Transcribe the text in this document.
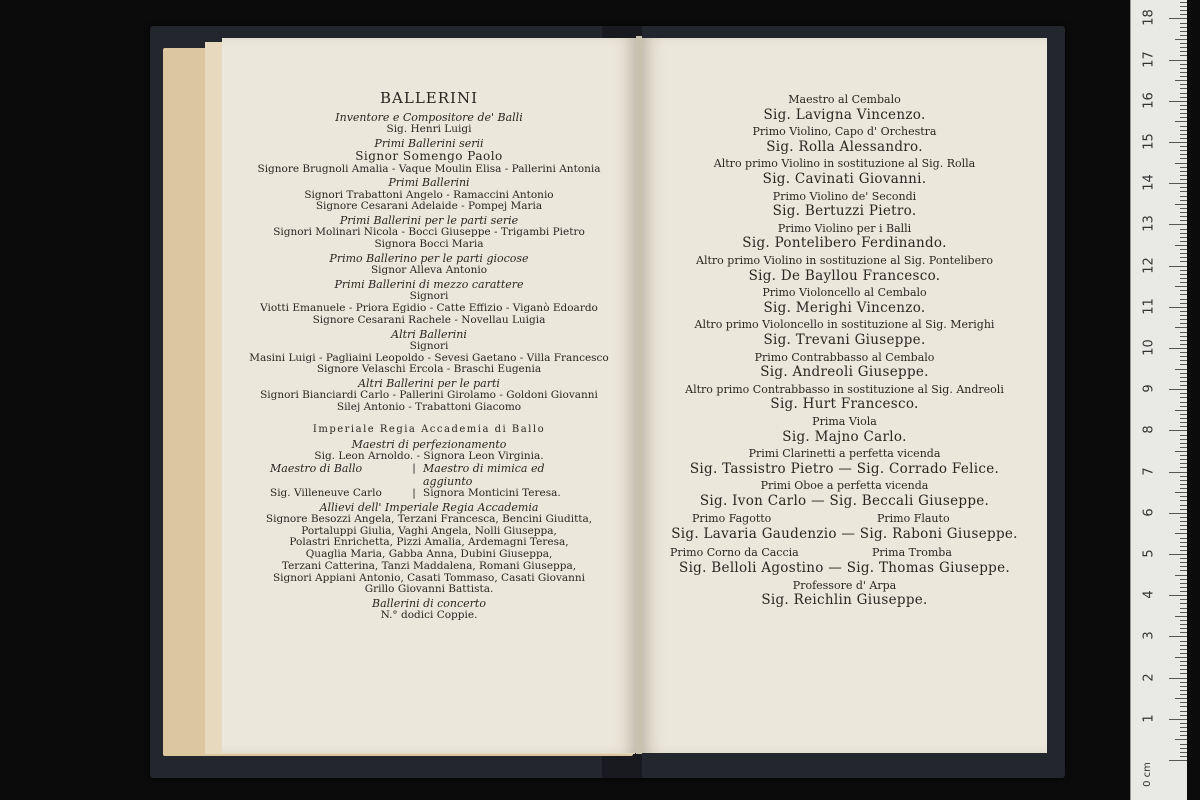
BALLERINI
Inventore e Compositore de' Balli
Sig. Henri Luigi
Primi Ballerini serii
Signor Somengo Paolo
Signore Brugnoli Amalia - Vaque Moulin Elisa - Pallerini Antonia
Primi Ballerini
Signori Trabattoni Angelo - Ramaccini Antonio
Signore Cesarani Adelaide - Pompej Maria
Primi Ballerini per le parti serie
Signori Molinari Nicola - Bocci Giuseppe - Trigambi Pietro
Signora Bocci Maria
Primo Ballerino per le parti giocose
Signor Alleva Antonio
Primi Ballerini di mezzo carattere
Signori
Viotti Emanuele - Priora Egidio - Catte Effizio - Viganò Edoardo
Signore Cesarani Rachele - Novellau Luigia
Altri Ballerini
Signori
Masini Luigi - Pagliaini Leopoldo - Sevesi Gaetano - Villa Francesco
Signore Velaschi Ercola - Braschi Eugenia
Altri Ballerini per le parti
Signori Bianciardi Carlo - Pallerini Girolamo - Goldoni Giovanni
Silej Antonio - Trabattoni Giacomo
Imperiale Regia Accademia di Ballo
Maestri di perfezionamento
Sig. Leon Arnoldo. - Signora Leon Virginia.
Maestro di Ballo	| Maestro di mimica ed aggiunto
Sig. Villeneuve Carlo	| Signora Monticini Teresa.
Allievi dell' Imperiale Regia Accademia
Signore Besozzi Angela, Terzani Francesca, Bencini Giuditta,
Portaluppi Giulia, Vaghi Angela, Nolli Giuseppa,
Polastri Enrichetta, Pizzi Amalia, Ardemagni Teresa,
Quaglia Maria, Gabba Anna, Dubini Giuseppa,
Terzani Catterina, Tanzi Maddalena, Romani Giuseppa,
Signori Appiani Antonio, Casati Tommaso, Casati Giovanni
Grillo Giovanni Battista.
Ballerini di concerto
N.° dodici Coppie.
Maestro al Cembalo
Sig. Lavigna Vincenzo.
Primo Violino, Capo d' Orchestra
Sig. Rolla Alessandro.
Altro primo Violino in sostituzione al Sig. Rolla
Sig. Cavinati Giovanni.
Primo Violino de' Secondi
Sig. Bertuzzi Pietro.
Primo Violino per i Balli
Sig. Pontelibero Ferdinando.
Altro primo Violino in sostituzione al Sig. Pontelibero
Sig. De Bayllou Francesco.
Primo Violoncello al Cembalo
Sig. Merighi Vincenzo.
Altro primo Violoncello in sostituzione al Sig. Merighi
Sig. Trevani Giuseppe.
Primo Contrabbasso al Cembalo
Sig. Andreoli Giuseppe.
Altro primo Contrabbasso in sostituzione al Sig. Andreoli
Sig. Hurt Francesco.
Prima Viola
Sig. Majno Carlo.
Primi Clarinetti a perfetta vicenda
Sig. Tassistro Pietro — Sig. Corrado Felice.
Primi Oboe a perfetta vicenda
Sig. Ivon Carlo — Sig. Beccali Giuseppe.
Primo Fagotto	Primo Flauto
Sig. Lavaria Gaudenzio — Sig. Raboni Giuseppe.
Primo Corno da Caccia	Prima Tromba
Sig. Belloli Agostino — Sig. Thomas Giuseppe.
Professore d' Arpa
Sig. Reichlin Giuseppe.
1
2
3
4
5
6
7
8
9
10
11
12
13
14
15
16
17
18
0 cm
